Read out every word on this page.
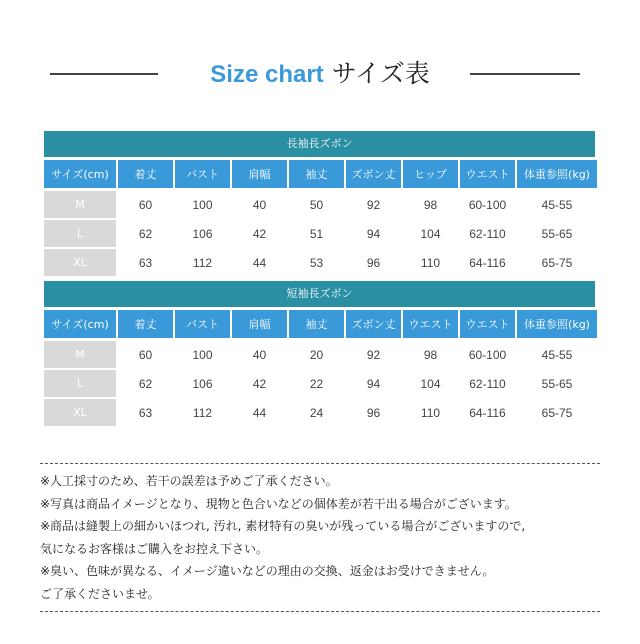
Size chart サイズ表
長袖長ズボン
サイズ(cm)	着丈	バスト	肩幅	袖丈	ズボン丈	ヒップ	ウエスト	体重参照(kg)
M	60	100	40	50	92	98	60-100	45-55
L	62	106	42	51	94	104	62-110	55-65
XL	63	112	44	53	96	110	64-116	65-75
短袖長ズボン
サイズ(cm)	着丈	バスト	肩幅	袖丈	ズボン丈	ウエスト	ウエスト	体重参照(kg)
M	60	100	40	20	92	98	60-100	45-55
L	62	106	42	22	94	104	62-110	55-65
XL	63	112	44	24	96	110	64-116	65-75
※人工採寸のため、若干の誤差は予めご了承ください。
※写真は商品イメージとなり、現物と色合いなどの個体差が若干出る場合がございます。
※商品は縫製上の細かいほつれ, 汚れ, 素材特有の臭いが残っている場合がございますので,
気になるお客様はご購入をお控え下さい。
※臭い、色味が異なる、イメージ違いなどの理由の交換、返金はお受けできません。
ご了承くださいませ。
